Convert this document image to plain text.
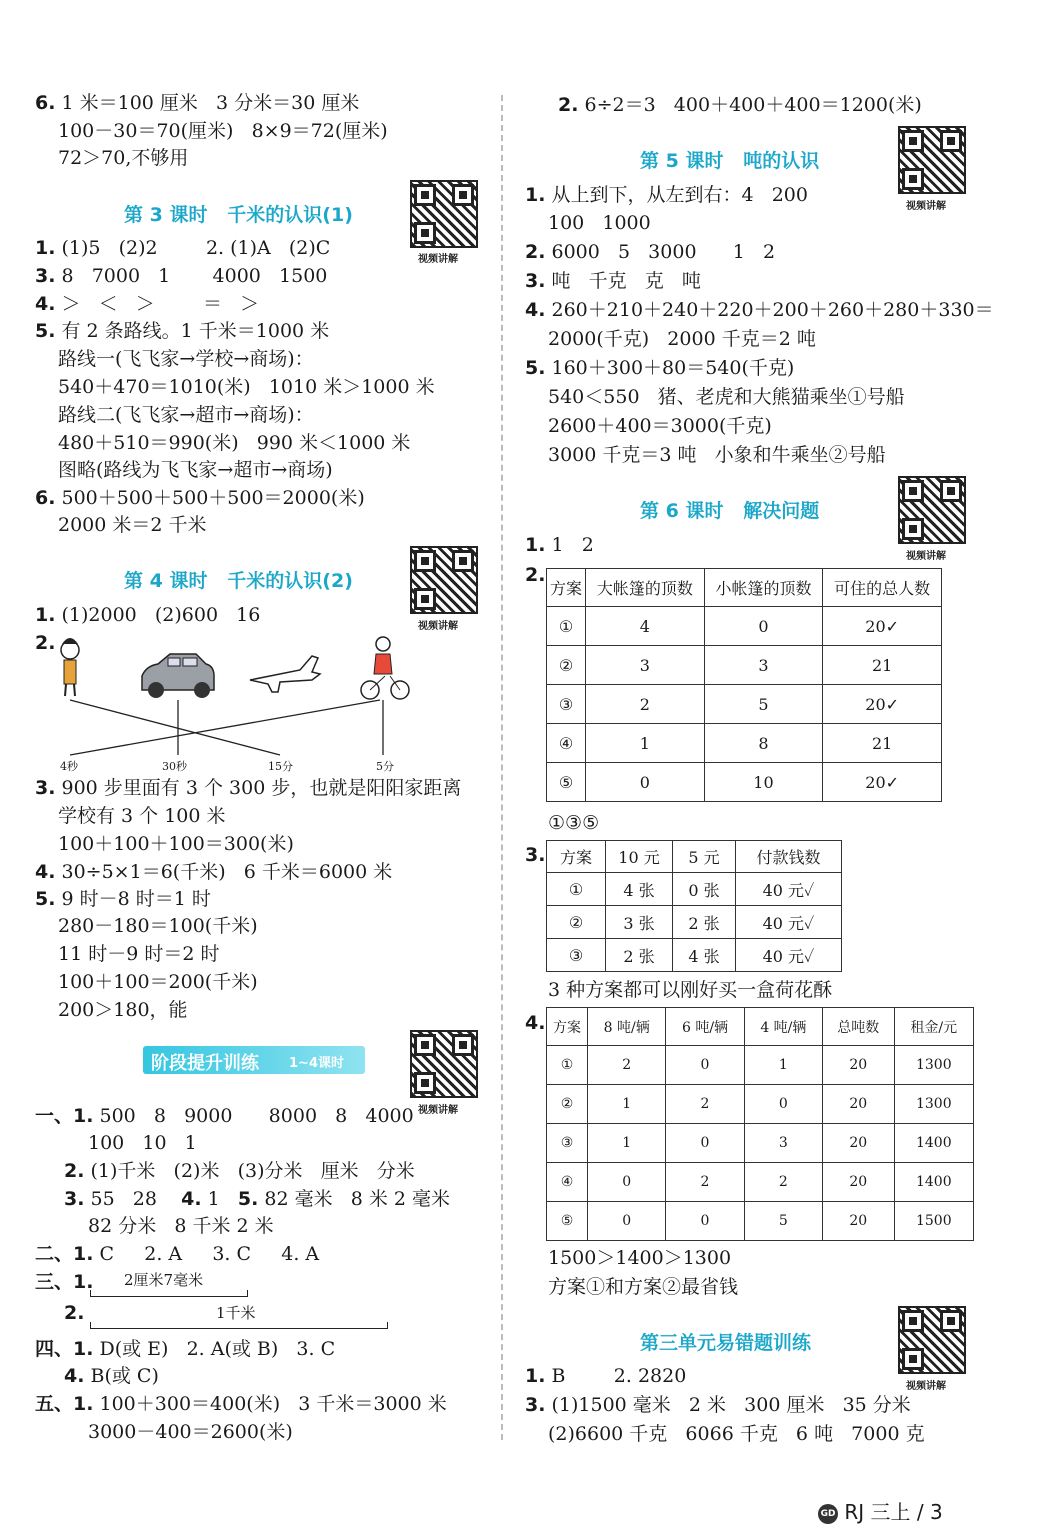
6. 1 米＝100 厘米   3 分米＝30 厘米
100－30＝70(厘米)   8×9＝72(厘米)
72＞70,不够用
第 3 课时   千米的认识(1)
视频讲解
1. (1)5   (2)2        2. (1)A   (2)C
3. 8   7000   1       4000   1500
4. ＞   ＜   ＞        ＝   ＞
5. 有 2 条路线。1 千米＝1000 米
路线一(飞飞家→学校→商场)：
540＋470＝1010(米)   1010 米＞1000 米
路线二(飞飞家→超市→商场)：
480＋510＝990(米)   990 米＜1000 米
图略(路线为飞飞家→超市→商场)
6. 500＋500＋500＋500＝2000(米)
2000 米＝2 千米
第 4 课时   千米的认识(2)
视频讲解
1. (1)2000   (2)600   16
2.
4秒	30秒	15分	5分
3. 900 步里面有 3 个 300 步，也就是阳阳家距离
学校有 3 个 100 米
100＋100＋100＝300(米)
4. 30÷5×1＝6(千米)   6 千米＝6000 米
5. 9 时－8 时＝1 时
280－180＝100(千米)
11 时－9 时＝2 时
100＋100＝200(千米)
200＞180，能
阶段提升训练 1~4课时
视频讲解
一、1. 500   8   9000      8000   8   4000
100   10   1
2. (1)千米   (2)米   (3)分米   厘米   分米
3. 55   28 4. 1 5. 82 毫米   8 米 2 毫米
82 分米   8 千米 2 米
二、1. C     2. A     3. C     4. A
三、1. 2厘米7毫米
2.	1千米
四、1. D(或 E)   2. A(或 B)   3. C
4. B(或 C)
五、1. 100＋300＝400(米)   3 千米＝3000 米
3000－400＝2600(米)
2. 6÷2＝3   400＋400＋400＝1200(米)
第 5 课时   吨的认识
视频讲解
1. 从上到下，从左到右：4   200
100   1000
2. 6000   5   3000      1   2
3. 吨   千克   克   吨
4. 260＋210＋240＋220＋200＋260＋280＋330＝
2000(千克)   2000 千克＝2 吨
5. 160＋300＋80＝540(千克)
540＜550   猪、老虎和大熊猫乘坐①号船
2600＋400＝3000(千克)
3000 千克＝3 吨   小象和牛乘坐②号船
第 6 课时   解决问题
视频讲解
1. 1   2
2.
方案	大帐篷的顶数	小帐篷的顶数	可住的总人数
①	4	0	20✓
②	3	3	21
③	2	5	20✓
④	1	8	21
⑤	0	10	20✓
①③⑤
3. 方案	10 元	5 元	付款钱数
①	4 张	0 张	40 元✓
②	3 张	2 张	40 元✓
③	2 张	4 张	40 元✓
3 种方案都可以刚好买一盒荷花酥
4. 方案	8 吨/辆	6 吨/辆	4 吨/辆	总吨数	租金/元
①	2	0	1	20	1300
②	1	2	0	20	1300
③	1	0	3	20	1400
④	0	2	2	20	1400
⑤	0	0	5	20	1500
1500＞1400＞1300
方案①和方案②最省钱
第三单元易错题训练
视频讲解
1. B        2. 2820
3. (1)1500 毫米   2 米   300 厘米   35 分米
(2)6600 千克   6066 千克   6 吨   7000 克
GD RJ 三上 / 3
